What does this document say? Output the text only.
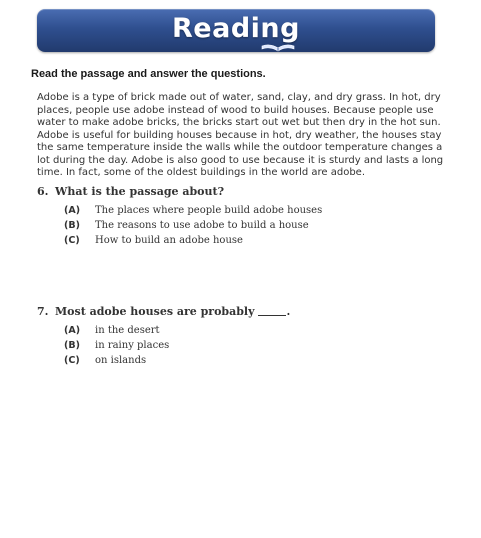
Reading
Read the passage and answer the questions.

Adobe is a type of brick made out of water, sand, clay, and dry grass. In hot, dry places, people use adobe instead of wood to build houses. Because people use water to make adobe bricks, the bricks start out wet but then dry in the hot sun. Adobe is useful for building houses because in hot, dry weather, the houses stay the same temperature inside the walls while the outdoor temperature changes a lot during the day. Adobe is also good to use because it is sturdy and lasts a long time. In fact, some of the oldest buildings in the world are adobe.

6. What is the passage about?
(A) The places where people build adobe houses
(B) The reasons to use adobe to build a house
(C) How to build an adobe house
7. Most adobe houses are probably	.
(A) in the desert
(B) in rainy places
(C) on islands
